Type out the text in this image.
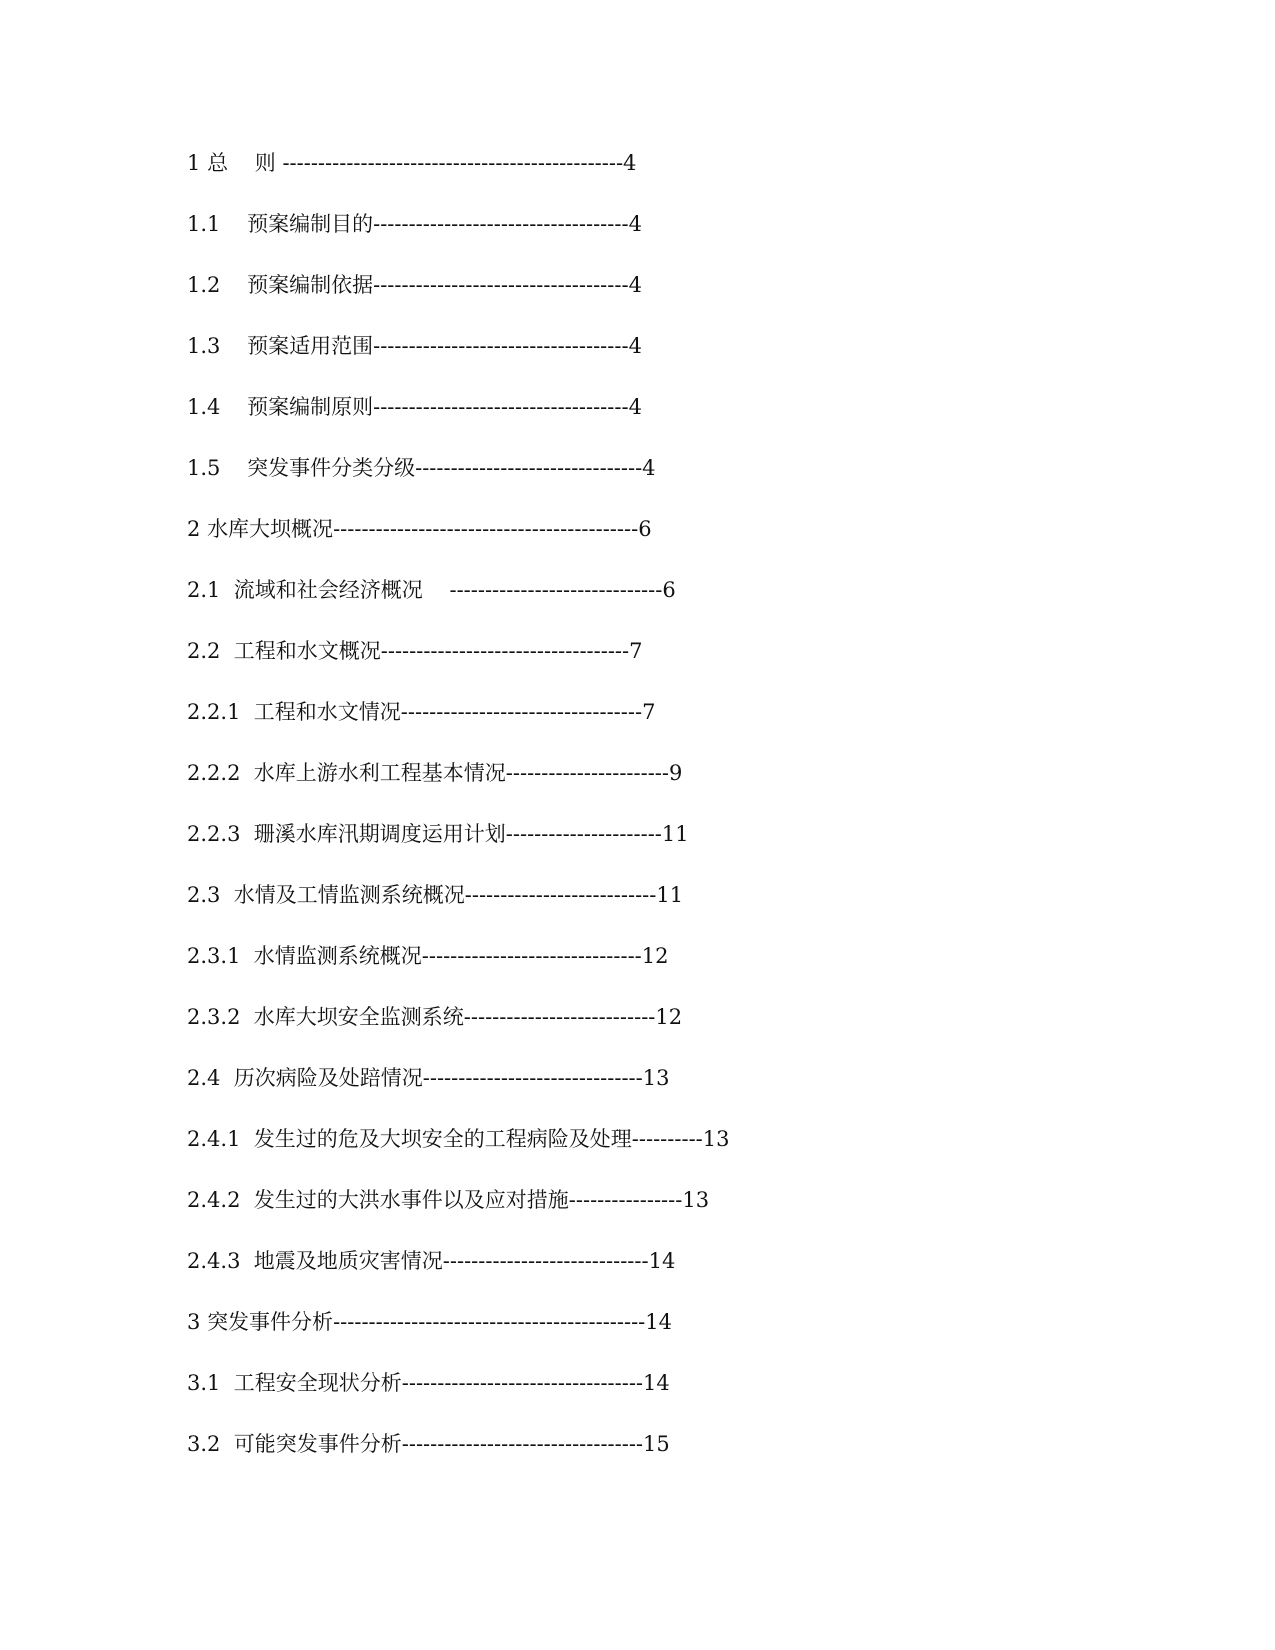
1 总    则 ------------------------------------------------4
1.1 预案编制目的------------------------------------4
1.2 预案编制依据------------------------------------4
1.3 预案适用范围------------------------------------4
1.4 预案编制原则------------------------------------4
1.5 突发事件分类分级--------------------------------4
2 水库大坝概况-------------------------------------------6
2.1 流域和社会经济概况    ------------------------------6
2.2 工程和水文概况-----------------------------------7
2.2.1 工程和水文情况----------------------------------7
2.2.2 水库上游水利工程基本情况-----------------------9
2.2.3 珊溪水库汛期调度运用计划----------------------11
2.3 水情及工情监测系统概况---------------------------11
2.3.1 水情监测系统概况-------------------------------12
2.3.2 水库大坝安全监测系统---------------------------12
2.4 历次病险及处踣情况-------------------------------13
2.4.1 发生过的危及大坝安全的工程病险及处理----------13
2.4.2 发生过的大洪水事件以及应对措施----------------13
2.4.3 地震及地质灾害情况-----------------------------14
3 突发事件分析--------------------------------------------14
3.1 工程安全现状分析----------------------------------14
3.2 可能突发事件分析----------------------------------15
